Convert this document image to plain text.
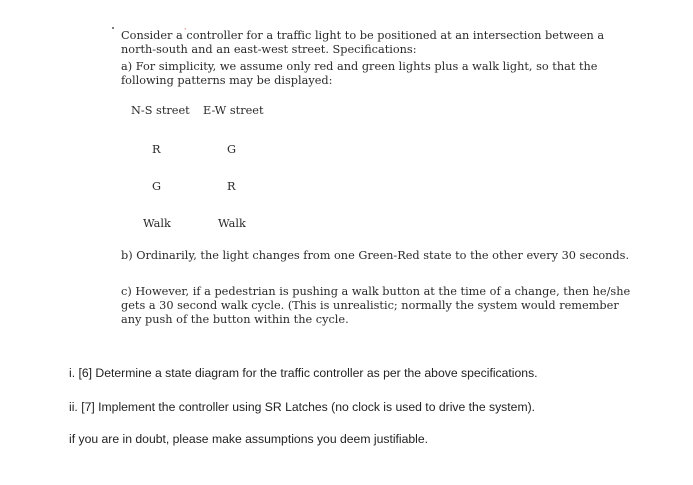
˯
Consider a controller for a traffic light to be positioned at an intersection between a
north-south and an east-west street. Specifications:
a) For simplicity, we assume only red and green lights plus a walk light, so that the
following patterns may be displayed:
N-S street E-W street
R	G
G	R
Walk	Walk
b) Ordinarily, the light changes from one Green-Red state to the other every 30 seconds.
c) However, if a pedestrian is pushing a walk button at the time of a change, then he/she
gets a 30 second walk cycle. (This is unrealistic; normally the system would remember
any push of the button within the cycle.
i. [6] Determine a state diagram for the traffic controller as per the above specifications.
ii. [7] Implement the controller using SR Latches (no clock is used to drive the system).
if you are in doubt, please make assumptions you deem justifiable.
